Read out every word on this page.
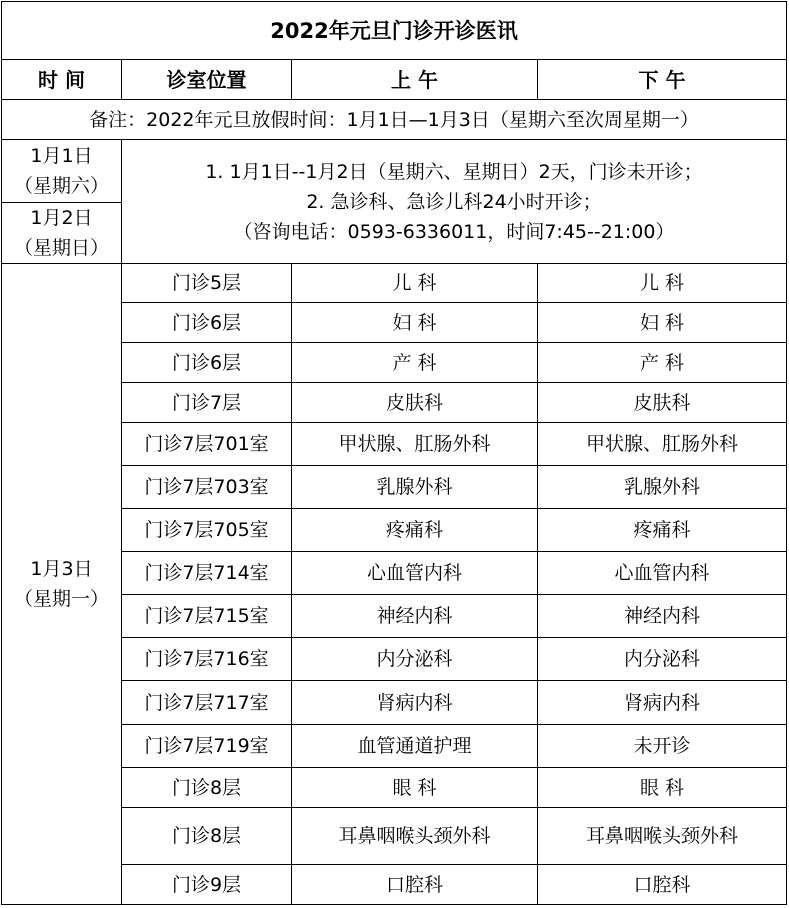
2022年元旦门诊开诊医讯			
时 间	诊室位置	上 午	下 午
备注：2022年元旦放假时间：1月1日—1月3日（星期六至次周星期一）			

1月1日
（星期六）	1. 1月1日--1月2日（星期六、星期日）2天，门诊未开诊；
2. 急诊科、急诊儿科24小时开诊；
（咨询电话：0593-6336011，时间7:45--21:00）		

1月2日
（星期日）			

1月3日
（星期一）	门诊5层	儿 科	儿 科
	门诊6层	妇 科	妇 科
	门诊6层	产 科	产 科
	门诊7层	皮肤科	皮肤科
	门诊7层701室	甲状腺、肛肠外科	甲状腺、肛肠外科
	门诊7层703室	乳腺外科	乳腺外科
	门诊7层705室	疼痛科	疼痛科
	门诊7层714室	心血管内科	心血管内科
	门诊7层715室	神经内科	神经内科
	门诊7层716室	内分泌科	内分泌科
	门诊7层717室	肾病内科	肾病内科
	门诊7层719室	血管通道护理	未开诊
	门诊8层	眼 科	眼 科
	门诊8层	耳鼻咽喉头颈外科	耳鼻咽喉头颈外科
	门诊9层	口腔科	口腔科
